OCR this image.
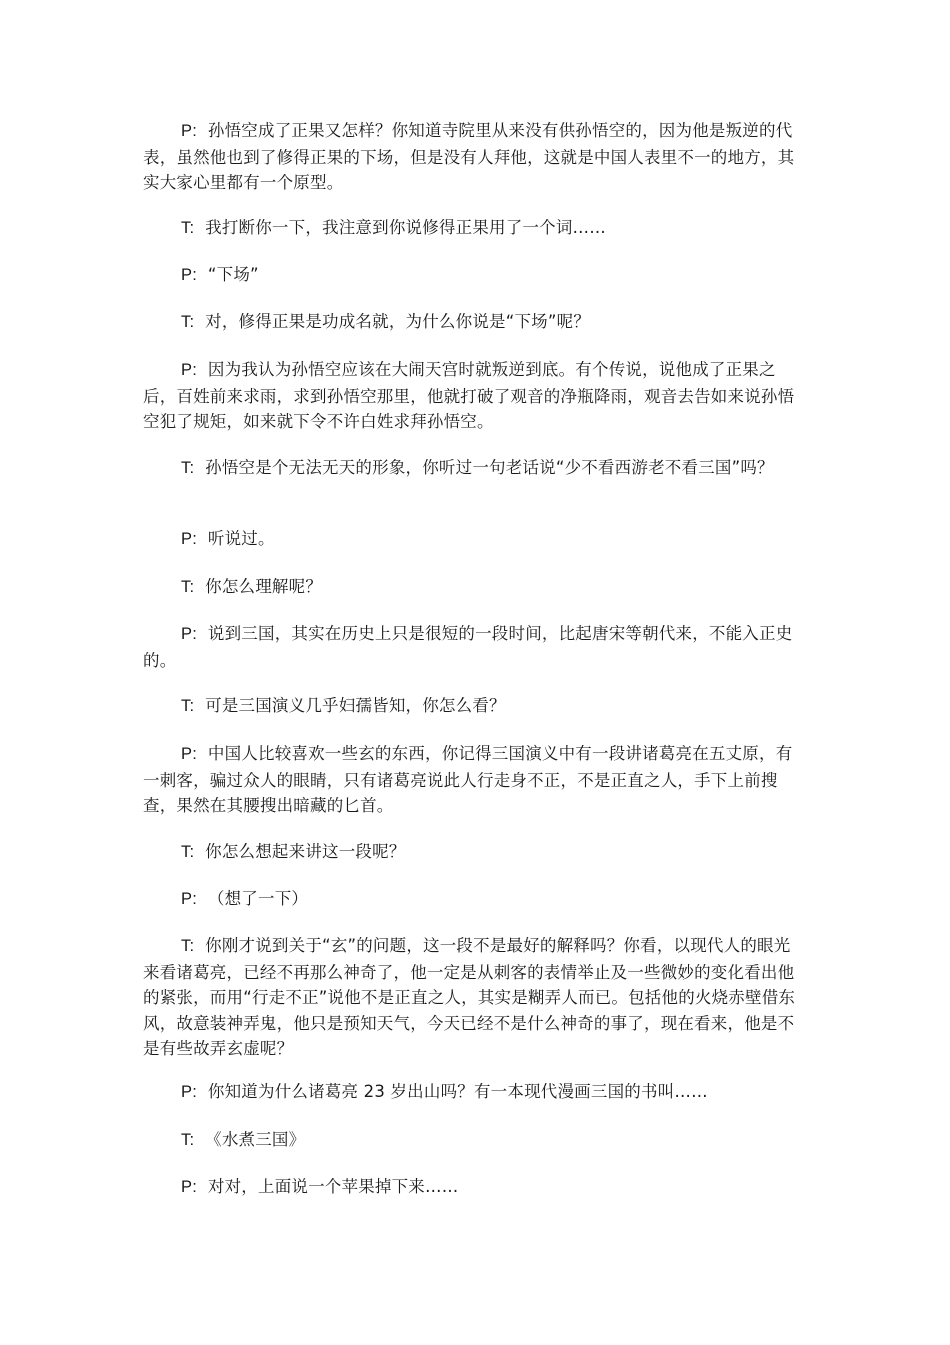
P: 孙悟空成了正果又怎样？你知道寺院里从来没有供孙悟空的，因为他是叛逆的代表，虽然他也到了修得正果的下场，但是没有人拜他，这就是中国人表里不一的地方，其实大家心里都有一个原型。

T: 我打断你一下，我注意到你说修得正果用了一个词……

P: “下场”

T: 对，修得正果是功成名就，为什么你说是“下场”呢？

P: 因为我认为孙悟空应该在大闹天宫时就叛逆到底。有个传说，说他成了正果之后，百姓前来求雨，求到孙悟空那里，他就打破了观音的净瓶降雨，观音去告如来说孙悟空犯了规矩，如来就下令不许白姓求拜孙悟空。

T: 孙悟空是个无法无天的形象，你听过一句老话说“少不看西游老不看三国”吗？

P: 听说过。

T: 你怎么理解呢？

P: 说到三国，其实在历史上只是很短的一段时间，比起唐宋等朝代来，不能入正史的。

T: 可是三国演义几乎妇孺皆知，你怎么看？

P: 中国人比较喜欢一些玄的东西，你记得三国演义中有一段讲诸葛亮在五丈原，有一刺客，骗过众人的眼睛，只有诸葛亮说此人行走身不正，不是正直之人，手下上前搜查，果然在其腰搜出暗藏的匕首。

T: 你怎么想起来讲这一段呢？

P: （想了一下）

T: 你刚才说到关于“玄”的问题，这一段不是最好的解释吗？你看，以现代人的眼光来看诸葛亮，已经不再那么神奇了，他一定是从刺客的表情举止及一些微妙的变化看出他的紧张，而用“行走不正”说他不是正直之人，其实是糊弄人而已。包括他的火烧赤壁借东风，故意装神弄鬼，他只是预知天气，今天已经不是什么神奇的事了，现在看来，他是不是有些故弄玄虚呢？

P: 你知道为什么诸葛亮 23 岁出山吗？有一本现代漫画三国的书叫……

T: 《水煮三国》

P: 对对，上面说一个苹果掉下来……
